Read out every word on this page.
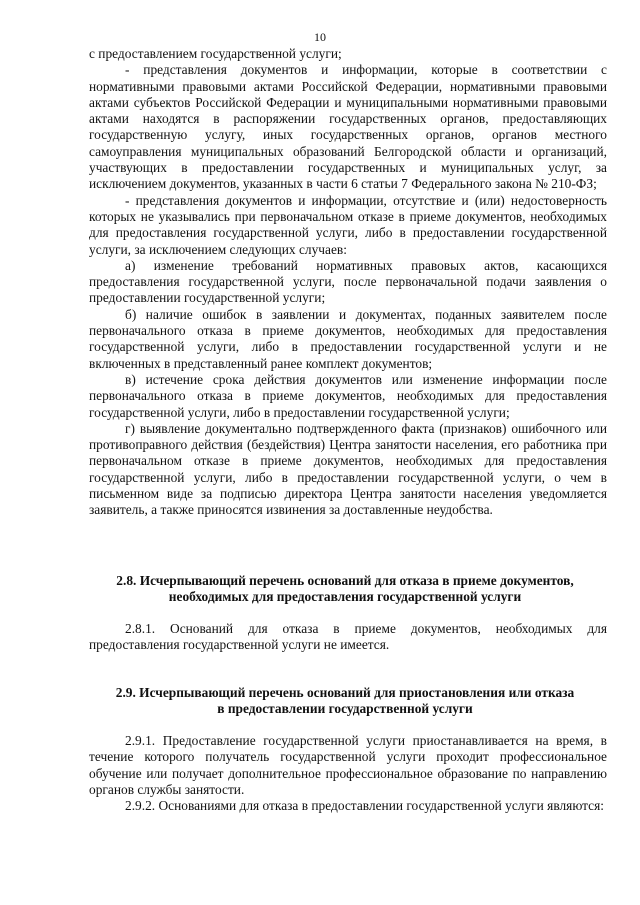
10

с предоставлением государственной услуги;

- представления документов и информации, которые в соответствии с нормативными правовыми актами Российской Федерации, нормативными правовыми актами субъектов Российской Федерации и муниципальными нормативными правовыми актами находятся в распоряжении государственных органов, предоставляющих государственную услугу, иных государственных органов, органов местного самоуправления муниципальных образований Белгородской области и организаций, участвующих в предоставлении государственных и муниципальных услуг, за исключением документов, указанных в части 6 статьи 7 Федерального закона № 210-ФЗ;

- представления документов и информации, отсутствие и (или) недостоверность которых не указывались при первоначальном отказе в приеме документов, необходимых для предоставления государственной услуги, либо в предоставлении государственной услуги, за исключением следующих случаев:

а) изменение требований нормативных правовых актов, касающихся предоставления государственной услуги, после первоначальной подачи заявления о предоставлении государственной услуги;

б) наличие ошибок в заявлении и документах, поданных заявителем после первоначального отказа в приеме документов, необходимых для предоставления государственной услуги, либо в предоставлении государственной услуги и не включенных в представленный ранее комплект документов;

в) истечение срока действия документов или изменение информации после первоначального отказа в приеме документов, необходимых для предоставления государственной услуги, либо в предоставлении государственной услуги;

г) выявление документально подтвержденного факта (признаков) ошибочного или противоправного действия (бездействия) Центра занятости населения, его работника при первоначальном отказе в приеме документов, необходимых для предоставления государственной услуги, либо в предоставлении государственной услуги, о чем в письменном виде за подписью директора Центра занятости населения уведомляется заявитель, а также приносятся извинения за доставленные неудобства.

2.8. Исчерпывающий перечень оснований для отказа в приеме документов,
необходимых для предоставления государственной услуги

2.8.1. Оснований для отказа в приеме документов, необходимых для предоставления государственной услуги не имеется.

2.9. Исчерпывающий перечень оснований для приостановления или отказа
в предоставлении государственной услуги

2.9.1. Предоставление государственной услуги приостанавливается на время, в течение которого получатель государственной услуги проходит профессиональное обучение или получает дополнительное профессиональное образование по направлению органов службы занятости.

2.9.2. Основаниями для отказа в предоставлении государственной услуги являются:
